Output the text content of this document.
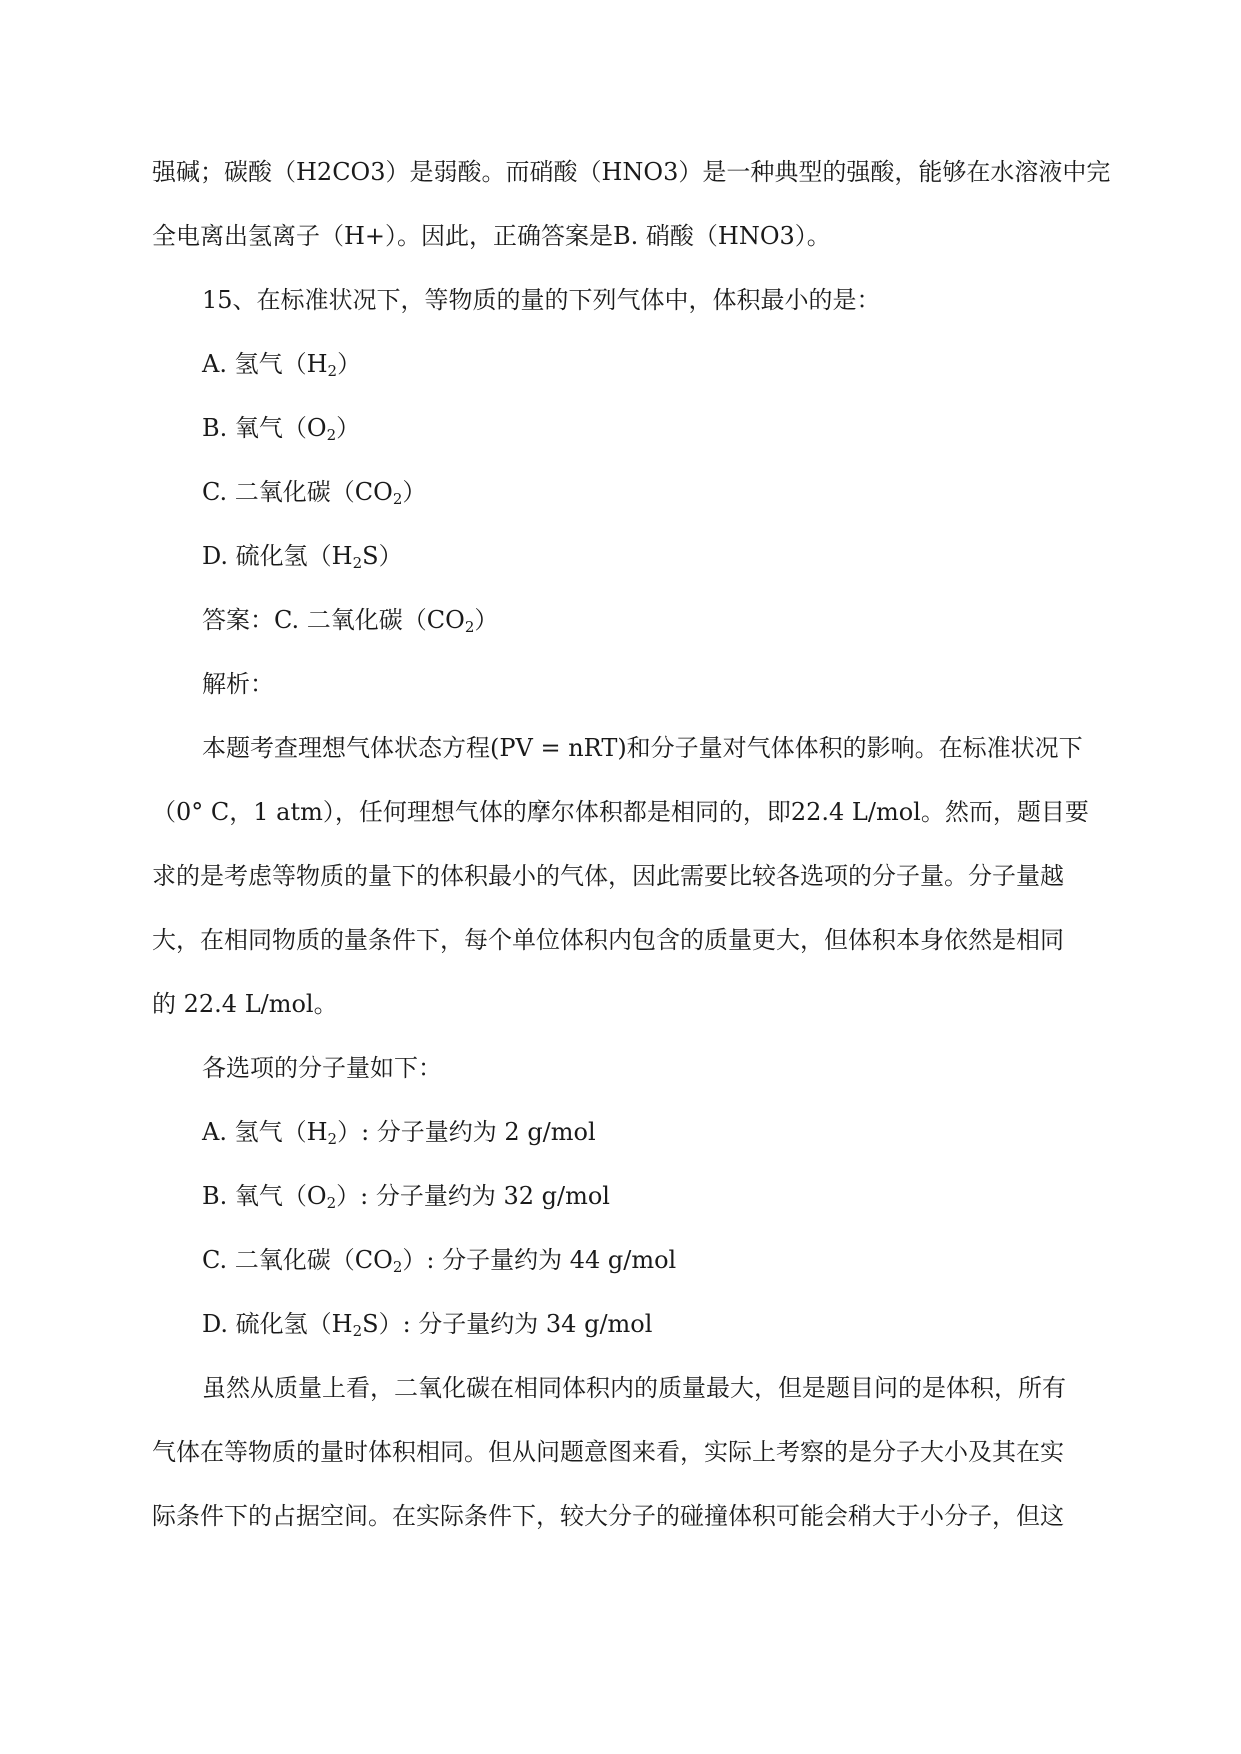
强碱；碳酸（H2CO3）是弱酸。而硝酸（HNO3）是一种典型的强酸，能够在水溶液中完

全电离出氢离子（H+）。因此，正确答案是B. 硝酸（HNO3）。

15、在标准状况下，等物质的量的下列气体中，体积最小的是：

A. 氢气$(H_2)$

B. 氧气$(O_2)$

C. 二氧化碳$(CO_2)$

D. 硫化氢$(H_2S)$

答案：C. 二氧化碳$(CO_2)$

解析：

本题考查理想气体状态方程(PV = nRT)和分子量对气体体积的影响。在标准状况下

（0° C，1 atm），任何理想气体的摩尔体积都是相同的，即22.4 L/mol。然而，题目要

求的是考虑等物质的量下的体积最小的气体，因此需要比较各选项的分子量。分子量越

大，在相同物质的量条件下，每个单位体积内包含的质量更大，但体积本身依然是相同

的 22.4 L/mol。

各选项的分子量如下：

A. 氢气$(H_2)$: 分子量约为 2 g/mol

B. 氧气$(O_2)$: 分子量约为 32 g/mol

C. 二氧化碳$(CO_2)$: 分子量约为 44 g/mol

D. 硫化氢$(H_2S)$: 分子量约为 34 g/mol

虽然从质量上看，二氧化碳在相同体积内的质量最大，但是题目问的是体积，所有

气体在等物质的量时体积相同。但从问题意图来看，实际上考察的是分子大小及其在实

际条件下的占据空间。在实际条件下，较大分子的碰撞体积可能会稍大于小分子，但这
